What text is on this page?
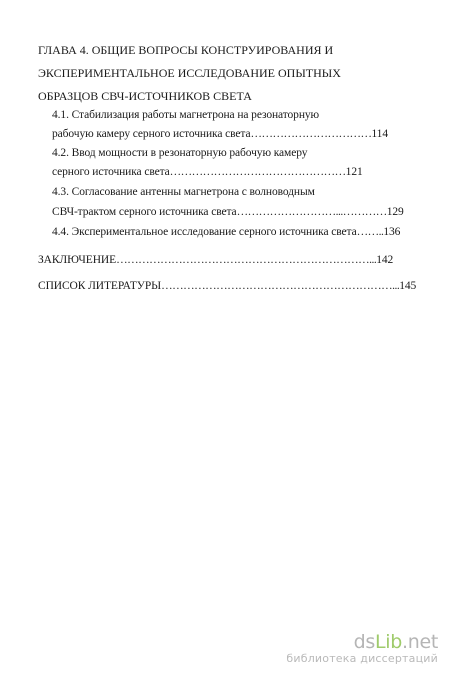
ГЛАВА 4. ОБЩИЕ ВОПРОСЫ КОНСТРУИРОВАНИЯ И
ЭКСПЕРИМЕНТАЛЬНОЕ ИССЛЕДОВАНИЕ ОПЫТНЫХ
ОБРАЗЦОВ СВЧ-ИСТОЧНИКОВ СВЕТА
4.1. Стабилизация работы магнетрона на резонаторную
рабочую камеру серного источника света……………………………114
4.2. Ввод мощности в резонаторную рабочую камеру
серного источника света…………………………………………121
4.3. Согласование антенны магнетрона с волноводным
СВЧ-трактом серного источника света………………………...…………129
4.4. Экспериментальное исследование серного источника света……..136
ЗАКЛЮЧЕНИЕ……………………………………………………………...142
СПИСОК ЛИТЕРАТУРЫ………………………………………………………...145
dsLib.net
библиотека диссертаций
